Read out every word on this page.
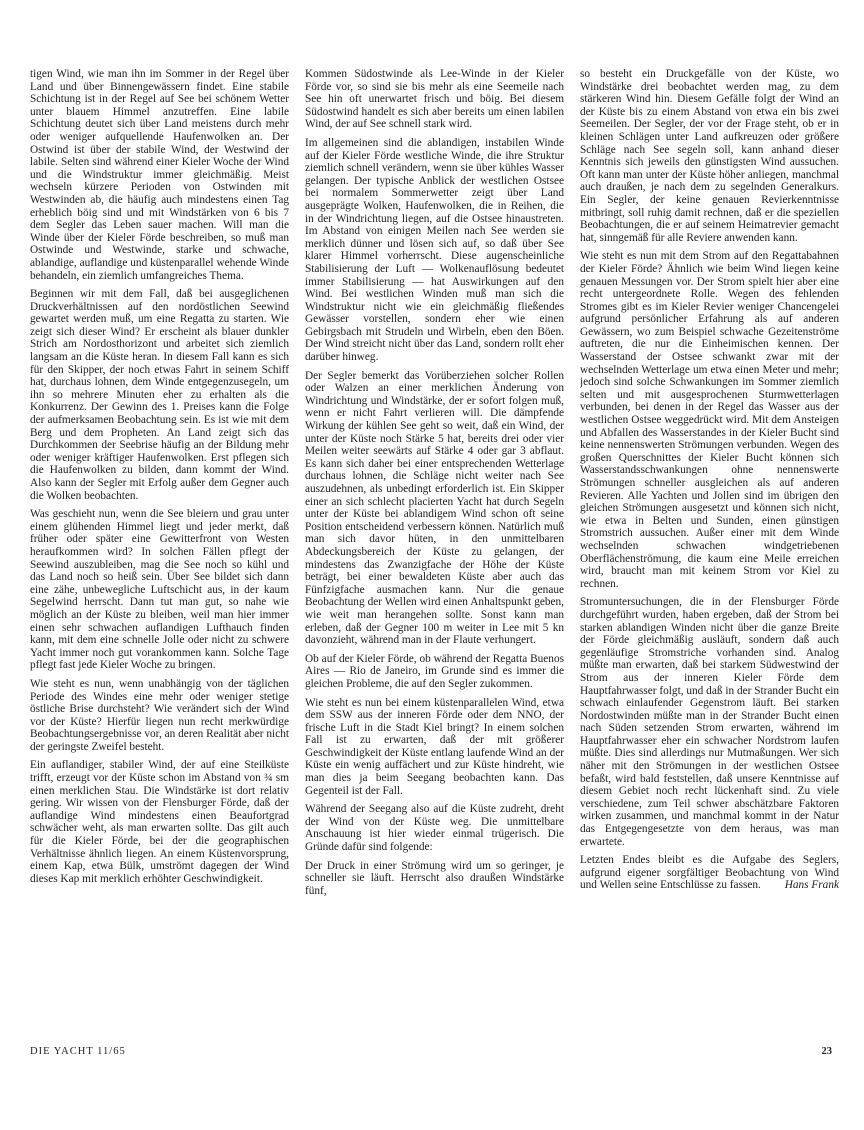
tigen Wind, wie man ihn im Sommer in der Regel über Land und über Binnengewässern findet. Eine stabile Schichtung ist in der Regel auf See bei schönem Wetter unter blauem Himmel anzutreffen. Eine labile Schichtung deutet sich über Land meistens durch mehr oder weniger aufquellende Haufenwolken an. Der Ostwind ist über der stabile Wind, der Westwind der labile. Selten sind während einer Kieler Woche der Wind und die Windstruktur immer gleichmäßig. Meist wechseln kürzere Perioden von Ostwinden mit Westwinden ab, die häufig auch mindestens einen Tag erheblich böig sind und mit Windstärken von 6 bis 7 dem Segler das Leben sauer machen. Will man die Winde über der Kieler Förde beschreiben, so muß man Ostwinde und Westwinde, starke und schwache, ablandige, auflandige und küstenparallel wehende Winde behandeln, ein ziemlich umfangreiches Thema.

Beginnen wir mit dem Fall, daß bei ausgeglichenen Druckverhältnissen auf den nordöstlichen Seewind gewartet werden muß, um eine Regatta zu starten. Wie zeigt sich dieser Wind? Er erscheint als blauer dunkler Strich am Nordosthorizont und arbeitet sich ziemlich langsam an die Küste heran. In diesem Fall kann es sich für den Skipper, der noch etwas Fahrt in seinem Schiff hat, durchaus lohnen, dem Winde entgegenzusegeln, um ihn so mehrere Minuten eher zu erhalten als die Konkurrenz. Der Gewinn des 1. Preises kann die Folge der aufmerksamen Beobachtung sein. Es ist wie mit dem Berg und dem Propheten. An Land zeigt sich das Durchkommen der Seebrise häufig an der Bildung mehr oder weniger kräftiger Haufenwolken. Erst pflegen sich die Haufenwolken zu bilden, dann kommt der Wind. Also kann der Segler mit Erfolg außer dem Gegner auch die Wolken beobachten.

Was geschieht nun, wenn die See bleiern und grau unter einem glühenden Himmel liegt und jeder merkt, daß früher oder später eine Gewitterfront von Westen heraufkommen wird? In solchen Fällen pflegt der Seewind auszubleiben, mag die See noch so kühl und das Land noch so heiß sein. Über See bildet sich dann eine zähe, unbewegliche Luftschicht aus, in der kaum Segelwind herrscht. Dann tut man gut, so nahe wie möglich an der Küste zu bleiben, weil man hier immer einen sehr schwachen auflandigen Lufthauch finden kann, mit dem eine schnelle Jolle oder nicht zu schwere Yacht immer noch gut vorankommen kann. Solche Tage pflegt fast jede Kieler Woche zu bringen.

Wie steht es nun, wenn unabhängig von der täglichen Periode des Windes eine mehr oder weniger stetige östliche Brise durchsteht? Wie verändert sich der Wind vor der Küste? Hierfür liegen nun recht merkwürdige Beobachtungsergebnisse vor, an deren Realität aber nicht der geringste Zweifel besteht.

Ein auflandiger, stabiler Wind, der auf eine Steilküste trifft, erzeugt vor der Küste schon im Abstand von ¾ sm einen merklichen Stau. Die Windstärke ist dort relativ gering. Wir wissen von der Flensburger Förde, daß der auflandige Wind mindestens einen Beaufortgrad schwächer weht, als man erwarten sollte. Das gilt auch für die Kieler Förde, bei der die geographischen Verhältnisse ähnlich liegen. An einem Küstenvorsprung, einem Kap, etwa Bülk, umströmt dagegen der Wind dieses Kap mit merklich erhöhter Geschwindigkeit.

Kommen Südostwinde als Lee-Winde in der Kieler Förde vor, so sind sie bis mehr als eine Seemeile nach See hin oft unerwartet frisch und böig. Bei diesem Südostwind handelt es sich aber bereits um einen labilen Wind, der auf See schnell stark wird.

Im allgemeinen sind die ablandigen, instabilen Winde auf der Kieler Förde westliche Winde, die ihre Struktur ziemlich schnell verändern, wenn sie über kühles Wasser gelangen. Der typische Anblick der westlichen Ostsee bei normalem Sommerwetter zeigt über Land ausgeprägte Wolken, Haufenwolken, die in Reihen, die in der Windrichtung liegen, auf die Ostsee hinaustreten. Im Abstand von einigen Meilen nach See werden sie merklich dünner und lösen sich auf, so daß über See klarer Himmel vorherrscht. Diese augenscheinliche Stabilisierung der Luft — Wolkenauflösung bedeutet immer Stabilisierung — hat Auswirkungen auf den Wind. Bei westlichen Winden muß man sich die Windstruktur nicht wie ein gleichmäßig fließendes Gewässer vorstellen, sondern eher wie einen Gebirgsbach mit Strudeln und Wirbeln, eben den Böen. Der Wind streicht nicht über das Land, sondern rollt eher darüber hinweg.

Der Segler bemerkt das Vorüberziehen solcher Rollen oder Walzen an einer merklichen Änderung von Windrichtung und Windstärke, der er sofort folgen muß, wenn er nicht Fahrt verlieren will. Die dämpfende Wirkung der kühlen See geht so weit, daß ein Wind, der unter der Küste noch Stärke 5 hat, bereits drei oder vier Meilen weiter seewärts auf Stärke 4 oder gar 3 abflaut. Es kann sich daher bei einer entsprechenden Wetterlage durchaus lohnen, die Schläge nicht weiter nach See auszudehnen, als unbedingt erforderlich ist. Ein Skipper einer an sich schlecht placierten Yacht hat durch Segeln unter der Küste bei ablandigem Wind schon oft seine Position entscheidend verbessern können. Natürlich muß man sich davor hüten, in den unmittelbaren Abdeckungsbereich der Küste zu gelangen, der mindestens das Zwanzigfache der Höhe der Küste beträgt, bei einer bewaldeten Küste aber auch das Fünfzigfache ausmachen kann. Nur die genaue Beobachtung der Wellen wird einen Anhaltspunkt geben, wie weit man herangehen sollte. Sonst kann man erleben, daß der Gegner 100 m weiter in Lee mit 5 kn davonzieht, während man in der Flaute verhungert.

Ob auf der Kieler Förde, ob während der Regatta Buenos Aires — Rio de Janeiro, im Grunde sind es immer die gleichen Probleme, die auf den Segler zukommen.

Wie steht es nun bei einem küstenparallelen Wind, etwa dem SSW aus der inneren Förde oder dem NNO, der frische Luft in die Stadt Kiel bringt? In einem solchen Fall ist zu erwarten, daß der mit größerer Geschwindigkeit der Küste entlang laufende Wind an der Küste ein wenig auffächert und zur Küste hindreht, wie man dies ja beim Seegang beobachten kann. Das Gegenteil ist der Fall.

Während der Seegang also auf die Küste zudreht, dreht der Wind von der Küste weg. Die unmittelbare Anschauung ist hier wieder einmal trügerisch. Die Gründe dafür sind folgende:

Der Druck in einer Strömung wird um so geringer, je schneller sie läuft. Herrscht also draußen Windstärke fünf,

so besteht ein Druckgefälle von der Küste, wo Windstärke drei beobachtet werden mag, zu dem stärkeren Wind hin. Diesem Gefälle folgt der Wind an der Küste bis zu einem Abstand von etwa ein bis zwei Seemeilen. Der Segler, der vor der Frage steht, ob er in kleinen Schlägen unter Land aufkreuzen oder größere Schläge nach See segeln soll, kann anhand dieser Kenntnis sich jeweils den günstigsten Wind aussuchen. Oft kann man unter der Küste höher anliegen, manchmal auch draußen, je nach dem zu segelnden Generalkurs. Ein Segler, der keine genauen Revierkenntnisse mitbringt, soll ruhig damit rechnen, daß er die speziellen Beobachtungen, die er auf seinem Heimatrevier gemacht hat, sinngemäß für alle Reviere anwenden kann.

Wie steht es nun mit dem Strom auf den Regattabahnen der Kieler Förde? Ähnlich wie beim Wind liegen keine genauen Messungen vor. Der Strom spielt hier aber eine recht untergeordnete Rolle. Wegen des fehlenden Stromes gibt es im Kieler Revier weniger Chancengelei aufgrund persönlicher Erfahrung als auf anderen Gewässern, wo zum Beispiel schwache Gezeitenströme auftreten, die nur die Einheimischen kennen. Der Wasserstand der Ostsee schwankt zwar mit der wechselnden Wetterlage um etwa einen Meter und mehr; jedoch sind solche Schwankungen im Sommer ziemlich selten und mit ausgesprochenen Sturmwetterlagen verbunden, bei denen in der Regel das Wasser aus der westlichen Ostsee weggedrückt wird. Mit dem Ansteigen und Abfallen des Wasserstandes in der Kieler Bucht sind keine nennenswerten Strömungen verbunden. Wegen des großen Querschnittes der Kieler Bucht können sich Wasserstandsschwankungen ohne nennenswerte Strömungen schneller ausgleichen als auf anderen Revieren. Alle Yachten und Jollen sind im übrigen den gleichen Strömungen ausgesetzt und können sich nicht, wie etwa in Belten und Sunden, einen günstigen Stromstrich aussuchen. Außer einer mit dem Winde wechselnden schwachen windgetriebenen Oberflächenströmung, die kaum eine Meile erreichen wird, braucht man mit keinem Strom vor Kiel zu rechnen.

Stromuntersuchungen, die in der Flensburger Förde durchgeführt wurden, haben ergeben, daß der Strom bei starken ablandigen Winden nicht über die ganze Breite der Förde gleichmäßig ausläuft, sondern daß auch gegenläufige Stromstriche vorhanden sind. Analog müßte man erwarten, daß bei starkem Südwestwind der Strom aus der inneren Kieler Förde dem Hauptfahrwasser folgt, und daß in der Strander Bucht ein schwach einlaufender Gegenstrom läuft. Bei starken Nordostwinden müßte man in der Strander Bucht einen nach Süden setzenden Strom erwarten, während im Hauptfahrwasser eher ein schwacher Nordstrom laufen müßte. Dies sind allerdings nur Mutmaßungen. Wer sich näher mit den Strömungen in der westlichen Ostsee befaßt, wird bald feststellen, daß unsere Kenntnisse auf diesem Gebiet noch recht lückenhaft sind. Zu viele verschiedene, zum Teil schwer abschätzbare Faktoren wirken zusammen, und manchmal kommt in der Natur das Entgegengesetzte von dem heraus, was man erwartete.

Letzten Endes bleibt es die Aufgabe des Seglers, aufgrund eigener sorgfältiger Beobachtung von Wind und Wellen seine Entschlüsse zu fassen. Hans Frank

DIE YACHT 11/65	23
